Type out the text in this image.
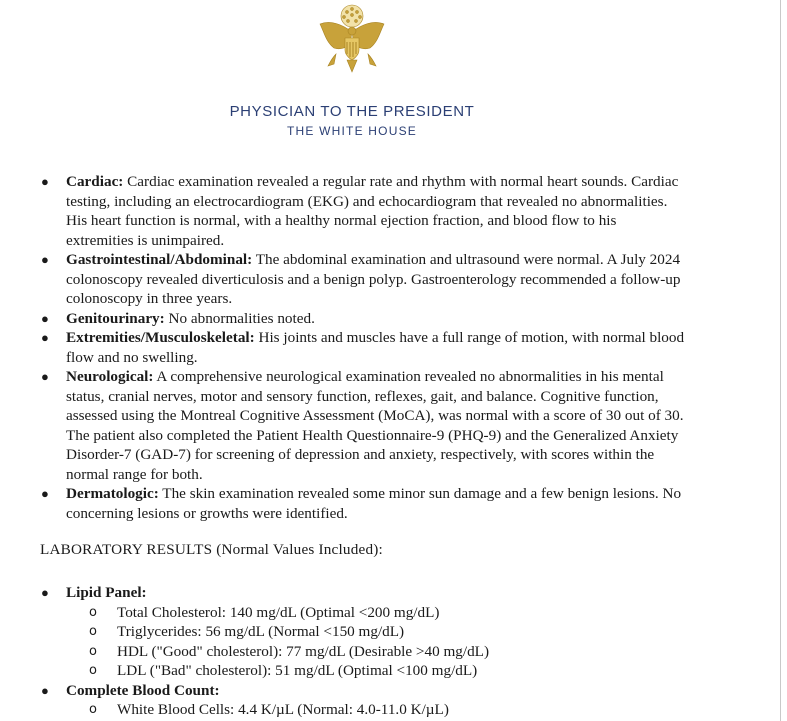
PHYSICIAN TO THE PRESIDENT
THE WHITE HOUSE
● Cardiac: Cardiac examination revealed a regular rate and rhythm with normal heart sounds. Cardiac testing, including an electrocardiogram (EKG) and echocardiogram that revealed no abnormalities. His heart function is normal, with a healthy normal ejection fraction, and blood flow to his extremities is unimpaired.
● Gastrointestinal/Abdominal: The abdominal examination and ultrasound were normal. A July 2024 colonoscopy revealed diverticulosis and a benign polyp. Gastroenterology recommended a follow-up colonoscopy in three years.
● Genitourinary: No abnormalities noted.
● Extremities/Musculoskeletal: His joints and muscles have a full range of motion, with normal blood flow and no swelling.
● Neurological: A comprehensive neurological examination revealed no abnormalities in his mental status, cranial nerves, motor and sensory function, reflexes, gait, and balance. Cognitive function, assessed using the Montreal Cognitive Assessment (MoCA), was normal with a score of 30 out of 30. The patient also completed the Patient Health Questionnaire-9 (PHQ-9) and the Generalized Anxiety Disorder-7 (GAD-7) for screening of depression and anxiety, respectively, with scores within the normal range for both.
● Dermatologic: The skin examination revealed some minor sun damage and a few benign lesions. No concerning lesions or growths were identified.
LABORATORY RESULTS (Normal Values Included):
● Lipid Panel:
o Total Cholesterol: 140 mg/dL (Optimal <200 mg/dL)
o Triglycerides: 56 mg/dL (Normal <150 mg/dL)
o HDL ("Good" cholesterol): 77 mg/dL (Desirable >40 mg/dL)
o LDL ("Bad" cholesterol): 51 mg/dL (Optimal <100 mg/dL)
● Complete Blood Count:
o White Blood Cells: 4.4 K/µL (Normal: 4.0-11.0 K/µL)
